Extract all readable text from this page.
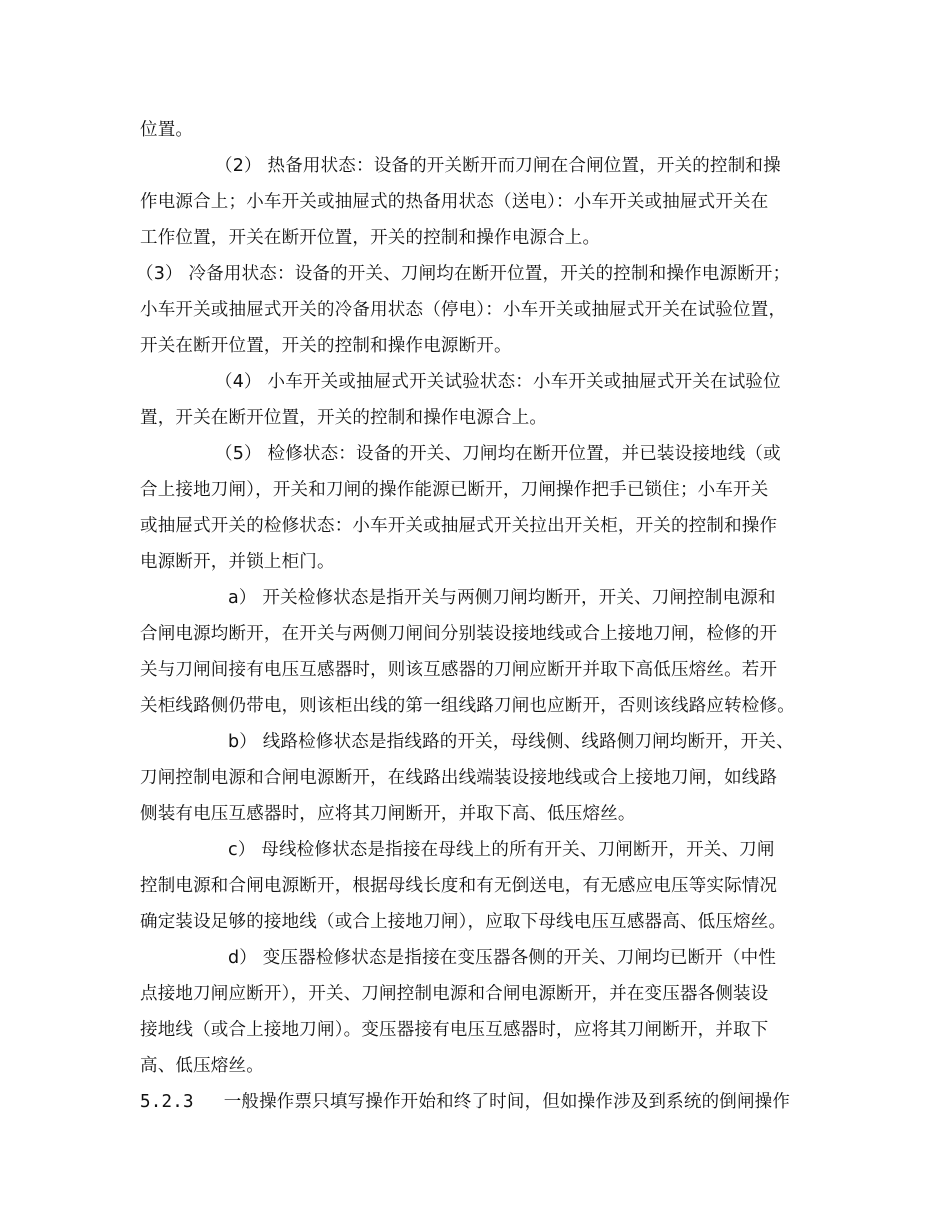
位置。
（2） 热备用状态：设备的开关断开而刀闸在合闸位置，开关的控制和操
作电源合上；小车开关或抽屉式的热备用状态（送电）：小车开关或抽屉式开关在
工作位置，开关在断开位置，开关的控制和操作电源合上。
（3） 冷备用状态：设备的开关、刀闸均在断开位置，开关的控制和操作电源断开；
小车开关或抽屉式开关的冷备用状态（停电）：小车开关或抽屉式开关在试验位置，
开关在断开位置，开关的控制和操作电源断开。
（4） 小车开关或抽屉式开关试验状态：小车开关或抽屉式开关在试验位
置，开关在断开位置，开关的控制和操作电源合上。
（5） 检修状态：设备的开关、刀闸均在断开位置，并已装设接地线（或
合上接地刀闸），开关和刀闸的操作能源已断开，刀闸操作把手已锁住；小车开关
或抽屉式开关的检修状态：小车开关或抽屉式开关拉出开关柜，开关的控制和操作
电源断开，并锁上柜门。
a） 开关检修状态是指开关与两侧刀闸均断开，开关、刀闸控制电源和
合闸电源均断开，在开关与两侧刀闸间分别装设接地线或合上接地刀闸，检修的开
关与刀闸间接有电压互感器时，则该互感器的刀闸应断开并取下高低压熔丝。若开
关柜线路侧仍带电，则该柜出线的第一组线路刀闸也应断开，否则该线路应转检修。
b） 线路检修状态是指线路的开关，母线侧、线路侧刀闸均断开，开关、
刀闸控制电源和合闸电源断开，在线路出线端装设接地线或合上接地刀闸，如线路
侧装有电压互感器时，应将其刀闸断开，并取下高、低压熔丝。
c） 母线检修状态是指接在母线上的所有开关、刀闸断开，开关、刀闸
控制电源和合闸电源断开，根据母线长度和有无倒送电，有无感应电压等实际情况
确定装设足够的接地线（或合上接地刀闸），应取下母线电压互感器高、低压熔丝。
d） 变压器检修状态是指接在变压器各侧的开关、刀闸均已断开（中性
点接地刀闸应断开），开关、刀闸控制电源和合闸电源断开，并在变压器各侧装设
接地线（或合上接地刀闸）。变压器接有电压互感器时，应将其刀闸断开，并取下
高、低压熔丝。
5.2.3 一般操作票只填写操作开始和终了时间，但如操作涉及到系统的倒闸操作
